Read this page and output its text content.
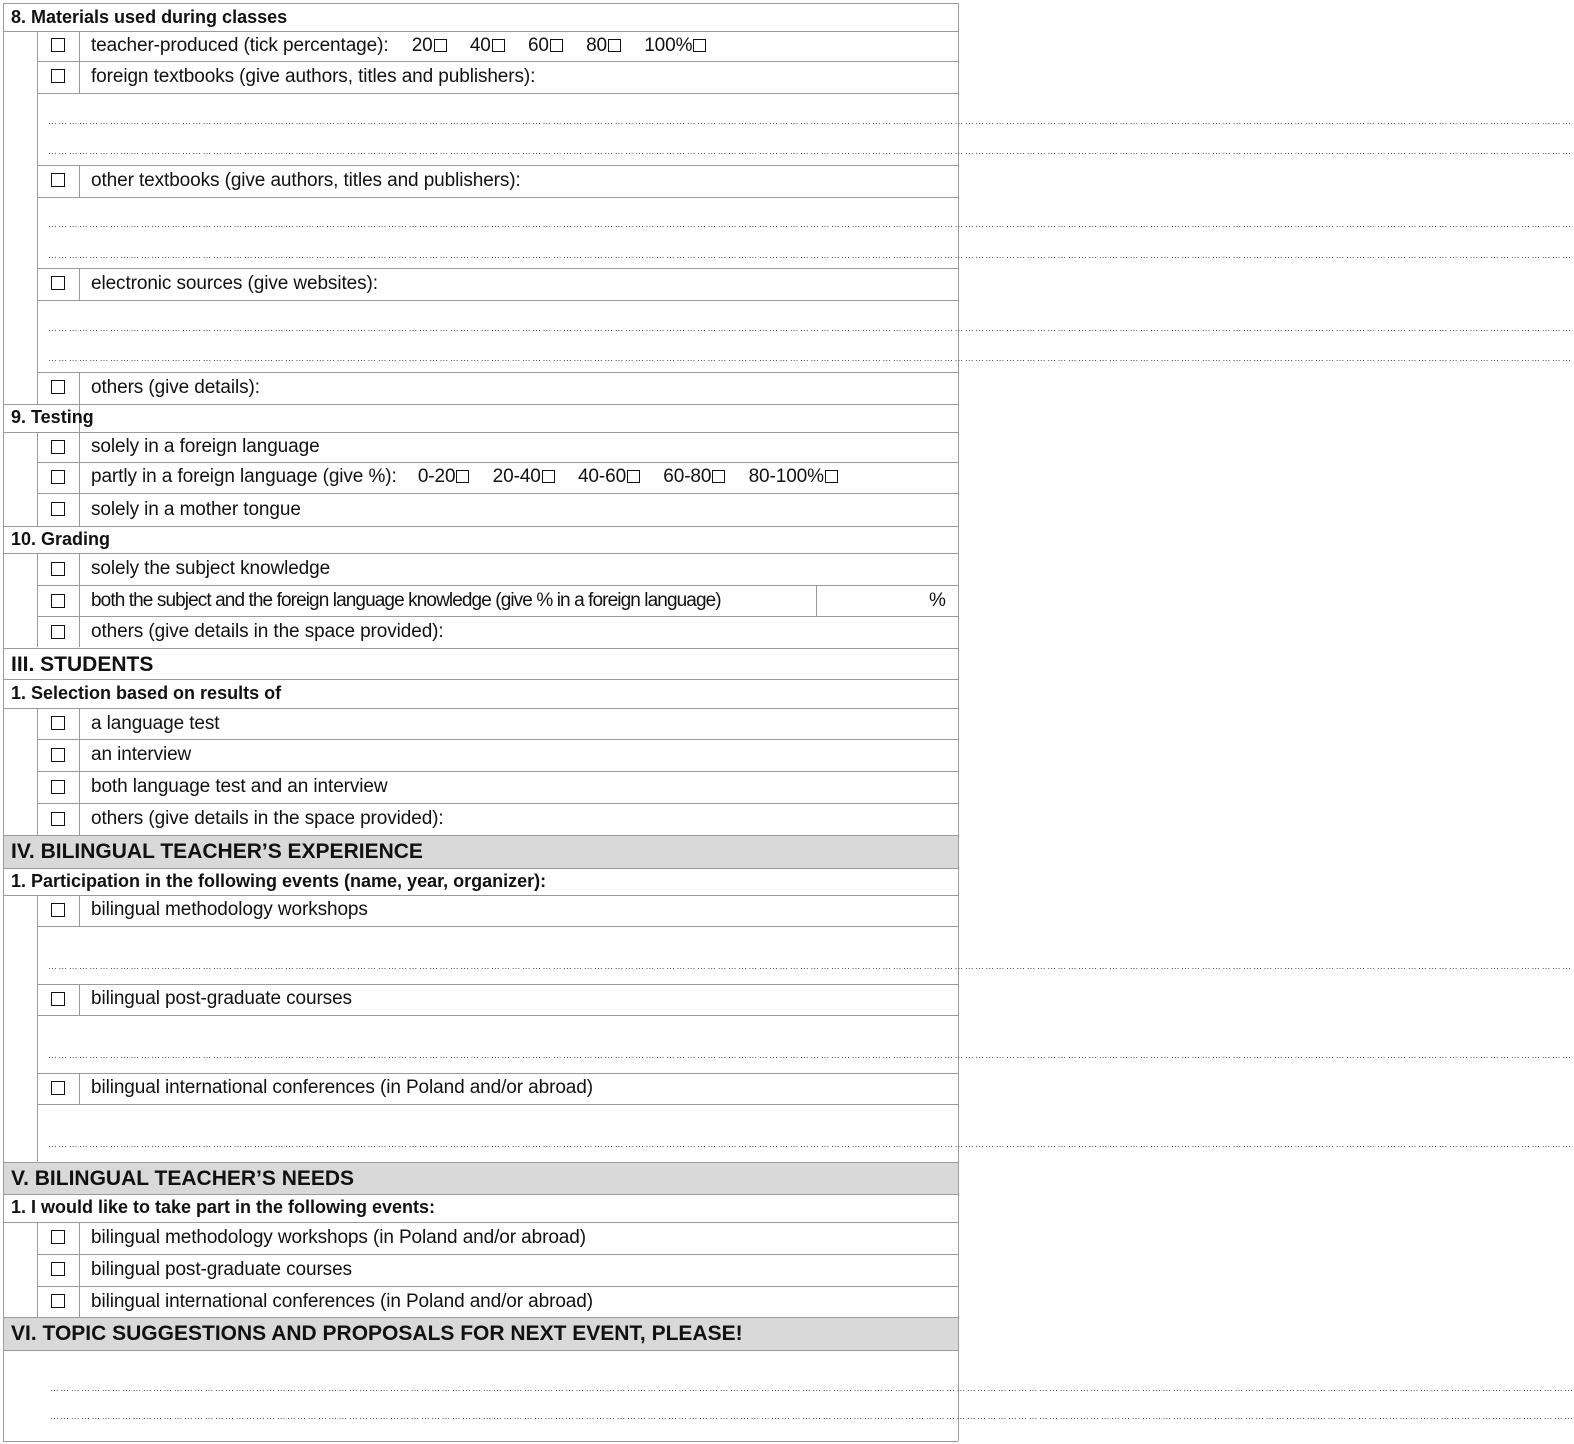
8. Materials used during classes
teacher-produced (tick percentage): 20 40 60 80 100%
foreign textbooks (give authors, titles and publishers):
…………………………………………………………………………………………………………………………………………………………………………………………………………………………………………………………………………………………………………………………………………………………………………………………………………
…………………………………………………………………………………………………………………………………………………………………………………………………………………………………………………………………………………………………………………………………………………………………………………………………………
other textbooks (give authors, titles and publishers):
…………………………………………………………………………………………………………………………………………………………………………………………………………………………………………………………………………………………………………………………………………………………………………………………………………
…………………………………………………………………………………………………………………………………………………………………………………………………………………………………………………………………………………………………………………………………………………………………………………………………………
electronic sources (give websites):
…………………………………………………………………………………………………………………………………………………………………………………………………………………………………………………………………………………………………………………………………………………………………………………………………………
…………………………………………………………………………………………………………………………………………………………………………………………………………………………………………………………………………………………………………………………………………………………………………………………………………
others (give details):
9. Testing
solely in a foreign language
partly in a foreign language (give %): 0-20 20-40 40-60 60-80 80-100%
solely in a mother tongue
10. Grading
solely the subject knowledge
both the subject and the foreign language knowledge (give % in a foreign language)	%
others (give details in the space provided):
III. STUDENTS
1. Selection based on results of
a language test
an interview
both language test and an interview
others (give details in the space provided):
IV. BILINGUAL TEACHER’S EXPERIENCE
1. Participation in the following events (name, year, organizer):
bilingual methodology workshops
…………………………………………………………………………………………………………………………………………………………………………………………………………………………………………………………………………………………………………………………………………………………………………………………………………
bilingual post-graduate courses
…………………………………………………………………………………………………………………………………………………………………………………………………………………………………………………………………………………………………………………………………………………………………………………………………………
bilingual international conferences (in Poland and/or abroad)
…………………………………………………………………………………………………………………………………………………………………………………………………………………………………………………………………………………………………………………………………………………………………………………………………………
V. BILINGUAL TEACHER’S NEEDS
1. I would like to take part in the following events:
bilingual methodology workshops (in Poland and/or abroad)
bilingual post-graduate courses
bilingual international conferences (in Poland and/or abroad)
VI. TOPIC SUGGESTIONS AND PROPOSALS FOR NEXT EVENT, PLEASE!
…………………………………………………………………………………………………………………………………………………………………………………………………………………………………………………………………………………………………………………………………………………………………………………………………………
…………………………………………………………………………………………………………………………………………………………………………………………………………………………………………………………………………………………………………………………………………………………………………………………………………
